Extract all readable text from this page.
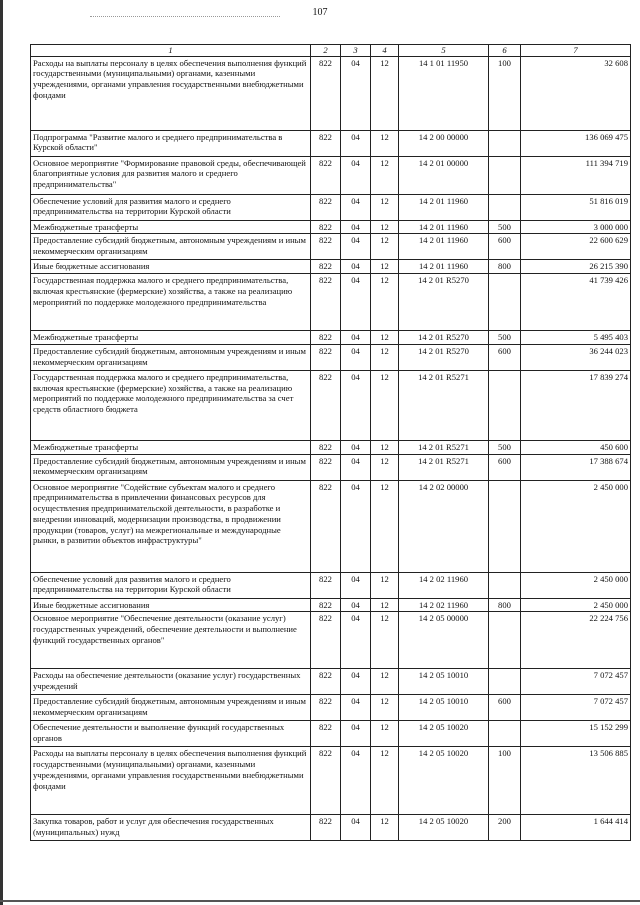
107
1	2	3	4	5	6	7
Расходы на выплаты персоналу в целях обеспечения выполнения функций государственными (муниципальными) органами, казенными учреждениями, органами управления государственными внебюджетными фондами	822	04	12	14 1 01 11950	100	32 608
Подпрограмма "Развитие малого и среднего предпринимательства в Курской области"	822	04	12	14 2 00 00000		136 069 475
Основное мероприятие "Формирование правовой среды, обеспечивающей благоприятные условия для развития малого и среднего предпринимательства"	822	04	12	14 2 01 00000		111 394 719
Обеспечение условий для развития малого и среднего предпринимательства на территории Курской области	822	04	12	14 2 01 11960		51 816 019
Межбюджетные трансферты	822	04	12	14 2 01 11960	500	3 000 000
Предоставление субсидий бюджетным, автономным учреждениям и иным некоммерческим организациям	822	04	12	14 2 01 11960	600	22 600 629
Иные бюджетные ассигнования	822	04	12	14 2 01 11960	800	26 215 390
Государственная поддержка малого и среднего предпринимательства, включая крестьянские (фермерские) хозяйства, а также на реализацию мероприятий по поддержке молодежного предпринимательства	822	04	12	14 2 01 R5270		41 739 426
Межбюджетные трансферты	822	04	12	14 2 01 R5270	500	5 495 403
Предоставление субсидий бюджетным, автономным учреждениям и иным некоммерческим организациям	822	04	12	14 2 01 R5270	600	36 244 023
Государственная поддержка малого и среднего предпринимательства, включая крестьянские (фермерские) хозяйства, а также на реализацию мероприятий по поддержке молодежного предпринимательства за счет средств областного бюджета	822	04	12	14 2 01 R5271		17 839 274
Межбюджетные трансферты	822	04	12	14 2 01 R5271	500	450 600
Предоставление субсидий бюджетным, автономным учреждениям и иным некоммерческим организациям	822	04	12	14 2 01 R5271	600	17 388 674
Основное мероприятие "Содействие субъектам малого и среднего предпринимательства в привлечении финансовых ресурсов для осуществления предпринимательской деятельности, в разработке и внедрении инноваций, модернизации производства, в продвижении продукции (товаров, услуг) на межрегиональные и международные рынки, в развитии объектов инфраструктуры"	822	04	12	14 2 02 00000		2 450 000
Обеспечение условий для развития малого и среднего предпринимательства на территории Курской области	822	04	12	14 2 02 11960		2 450 000
Иные бюджетные ассигнования	822	04	12	14 2 02 11960	800	2 450 000
Основное мероприятие "Обеспечение деятельности (оказание услуг) государственных учреждений, обеспечение деятельности и выполнение функций государственных органов"	822	04	12	14 2 05 00000		22 224 756
Расходы на обеспечение деятельности (оказание услуг) государственных учреждений	822	04	12	14 2 05 10010		7 072 457
Предоставление субсидий бюджетным, автономным учреждениям и иным некоммерческим организациям	822	04	12	14 2 05 10010	600	7 072 457
Обеспечение деятельности и выполнение функций государственных органов	822	04	12	14 2 05 10020		15 152 299
Расходы на выплаты персоналу в целях обеспечения выполнения функций государственными (муниципальными) органами, казенными учреждениями, органами управления государственными внебюджетными фондами	822	04	12	14 2 05 10020	100	13 506 885
Закупка товаров, работ и услуг для обеспечения государственных (муниципальных) нужд	822	04	12	14 2 05 10020	200	1 644 414
